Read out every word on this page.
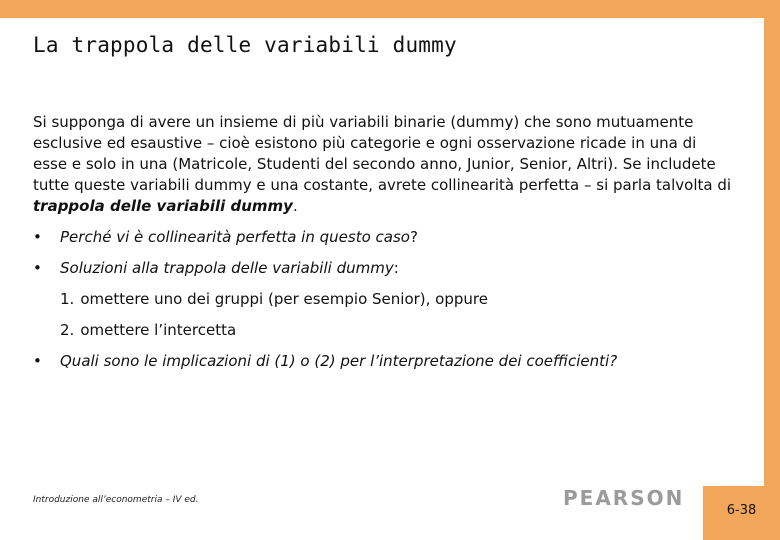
La trappola delle variabili dummy

Si supponga di avere un insieme di più variabili binarie (dummy) che sono mutuamente esclusive ed esaustive – cioè esistono più categorie e ogni osservazione ricade in una di esse e solo in una (Matricole, Studenti del secondo anno, Junior, Senior, Altri). Se includete tutte queste variabili dummy e una costante, avrete collinearità perfetta – si parla talvolta di trappola delle variabili dummy.

• Perché vi è collinearità perfetta in questo caso?
• Soluzioni alla trappola delle variabili dummy:
1. omettere uno dei gruppi (per esempio Senior), oppure
2. omettere l’intercetta
• Quali sono le implicazioni di (1) o (2) per l’interpretazione dei coefficienti?
Introduzione all’econometria – IV ed.	PEARSON
6-38
